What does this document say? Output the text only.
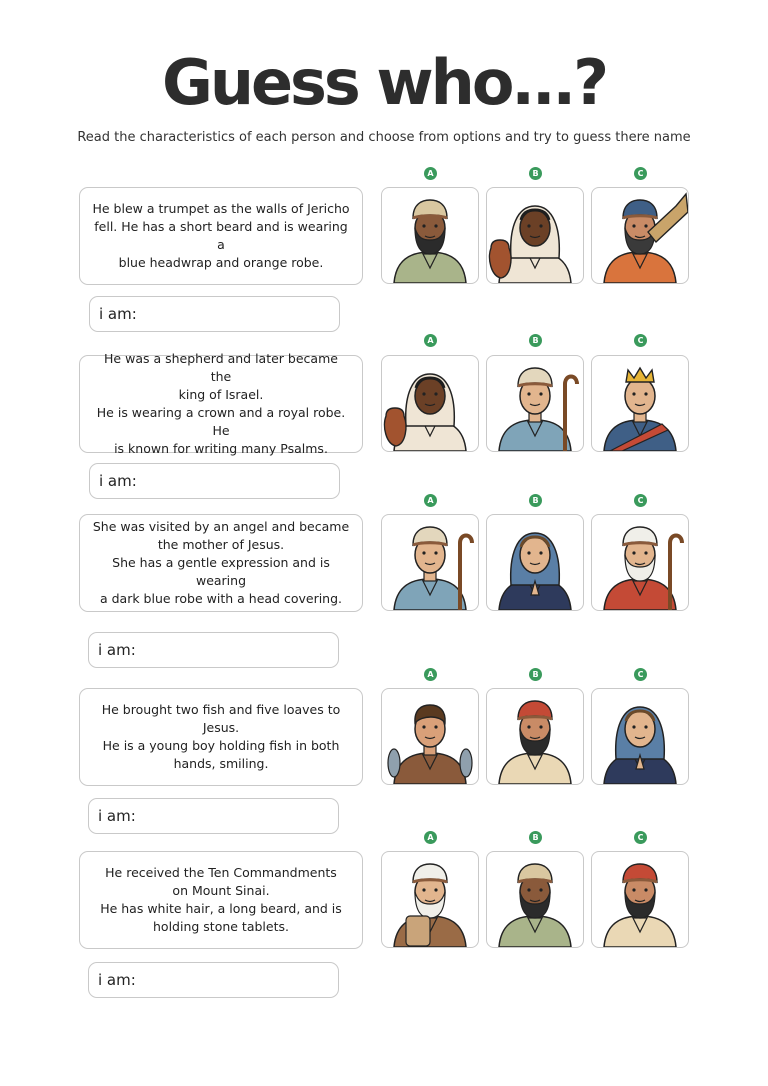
Guess who...?
Read the characteristics of each person and choose from options and try to guess there name
He blew a trumpet as the walls of Jericho
fell. He has a short beard and is wearing a
blue headwrap and orange robe.
i am:
A	B	C
He was a shepherd and later became the
king of Israel.
He is wearing a crown and a royal robe. He
is known for writing many Psalms.
i am:
A	B	C
She was visited by an angel and became
the mother of Jesus.
She has a gentle expression and is wearing
a dark blue robe with a head covering.
i am:
A	B	C
He brought two fish and five loaves to
Jesus.
He is a young boy holding fish in both
hands, smiling.
i am:
A	B	C
He received the Ten Commandments
on Mount Sinai.
He has white hair, a long beard, and is
holding stone tablets.
i am:
A	B	C
